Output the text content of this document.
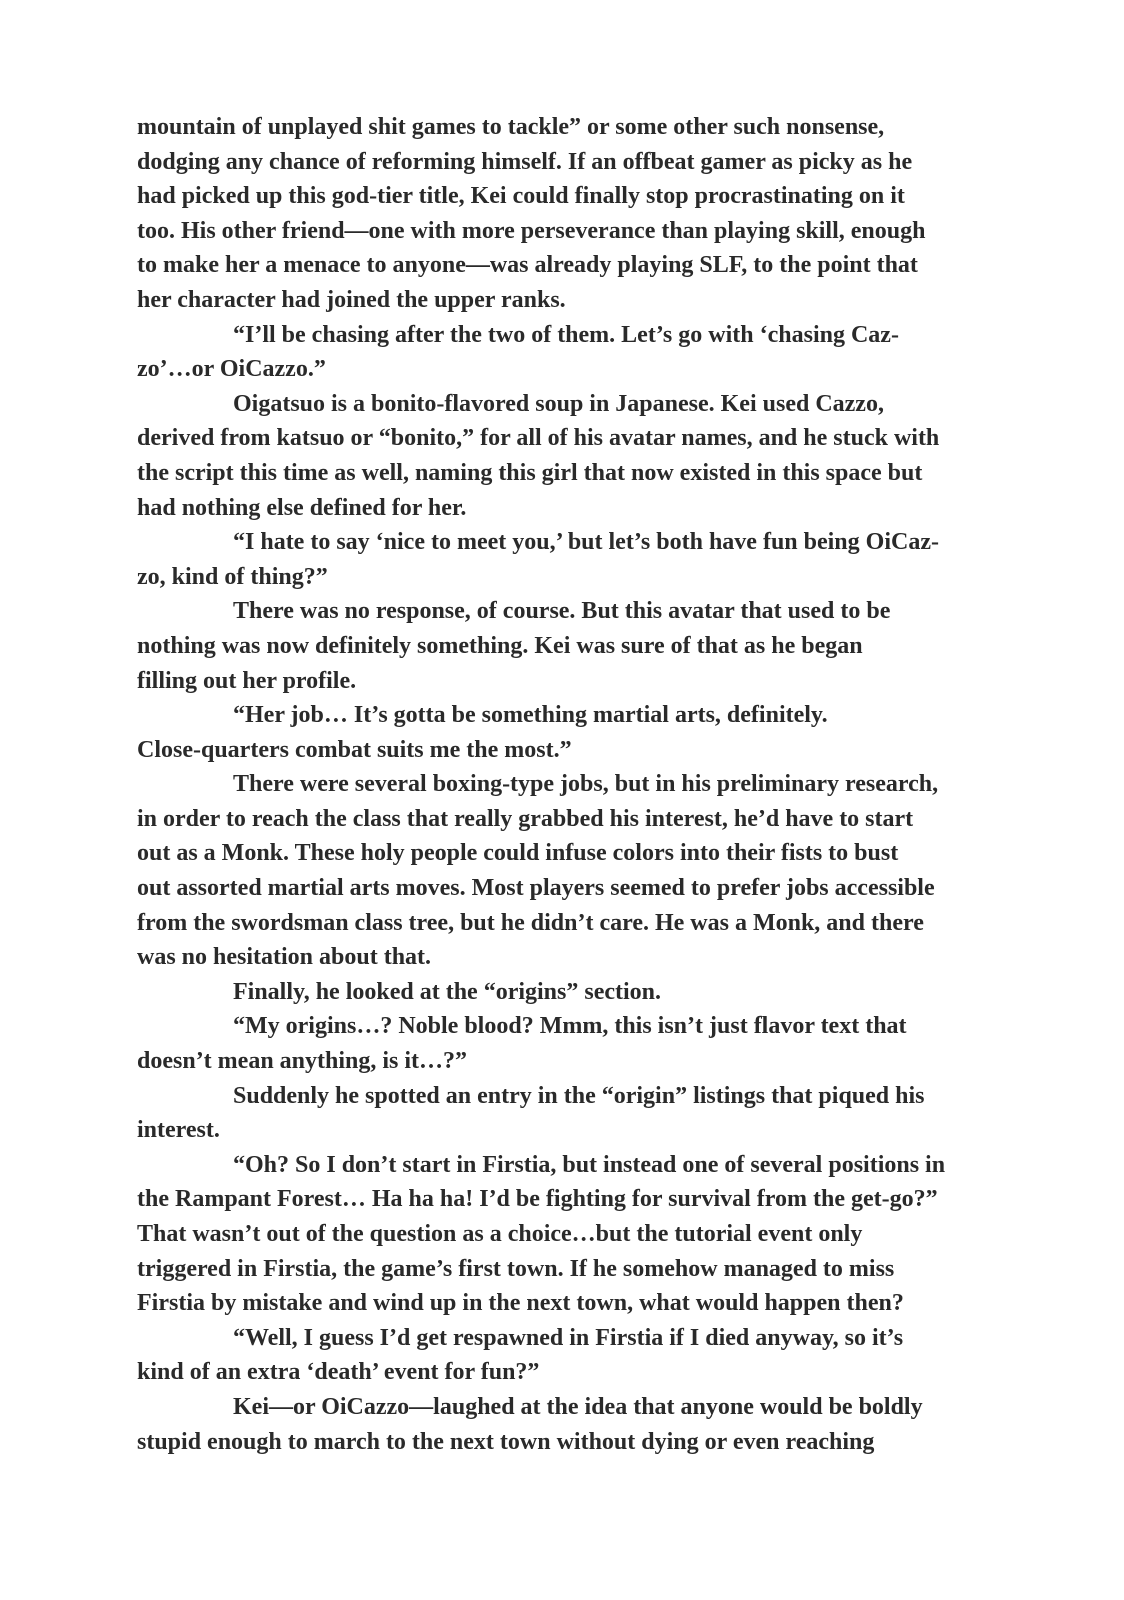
mountain of unplayed shit games to tackle” or some other such nonsense,
dodging any chance of reforming himself. If an offbeat gamer as picky as he
had picked up this god-tier title, Kei could finally stop procrastinating on it
too. His other friend—one with more perseverance than playing skill, enough
to make her a menace to anyone—was already playing SLF, to the point that
her character had joined the upper ranks.
“I’ll be chasing after the two of them. Let’s go with ‘chasing Caz-
zo’…or OiCazzo.”
Oigatsuo is a bonito-flavored soup in Japanese. Kei used Cazzo,
derived from katsuo or “bonito,” for all of his avatar names, and he stuck with
the script this time as well, naming this girl that now existed in this space but
had nothing else defined for her.
“I hate to say ‘nice to meet you,’ but let’s both have fun being OiCaz-
zo, kind of thing?”
There was no response, of course. But this avatar that used to be
nothing was now definitely something. Kei was sure of that as he began
filling out her profile.
“Her job… It’s gotta be something martial arts, definitely.
Close-quarters combat suits me the most.”
There were several boxing-type jobs, but in his preliminary research,
in order to reach the class that really grabbed his interest, he’d have to start
out as a Monk. These holy people could infuse colors into their fists to bust
out assorted martial arts moves. Most players seemed to prefer jobs accessible
from the swordsman class tree, but he didn’t care. He was a Monk, and there
was no hesitation about that.
Finally, he looked at the “origins” section.
“My origins…? Noble blood? Mmm, this isn’t just flavor text that
doesn’t mean anything, is it…?”
Suddenly he spotted an entry in the “origin” listings that piqued his
interest.
“Oh? So I don’t start in Firstia, but instead one of several positions in
the Rampant Forest… Ha ha ha! I’d be fighting for survival from the get-go?”
That wasn’t out of the question as a choice…but the tutorial event only
triggered in Firstia, the game’s first town. If he somehow managed to miss
Firstia by mistake and wind up in the next town, what would happen then?
“Well, I guess I’d get respawned in Firstia if I died anyway, so it’s
kind of an extra ‘death’ event for fun?”
Kei—or OiCazzo—laughed at the idea that anyone would be boldly
stupid enough to march to the next town without dying or even reaching
